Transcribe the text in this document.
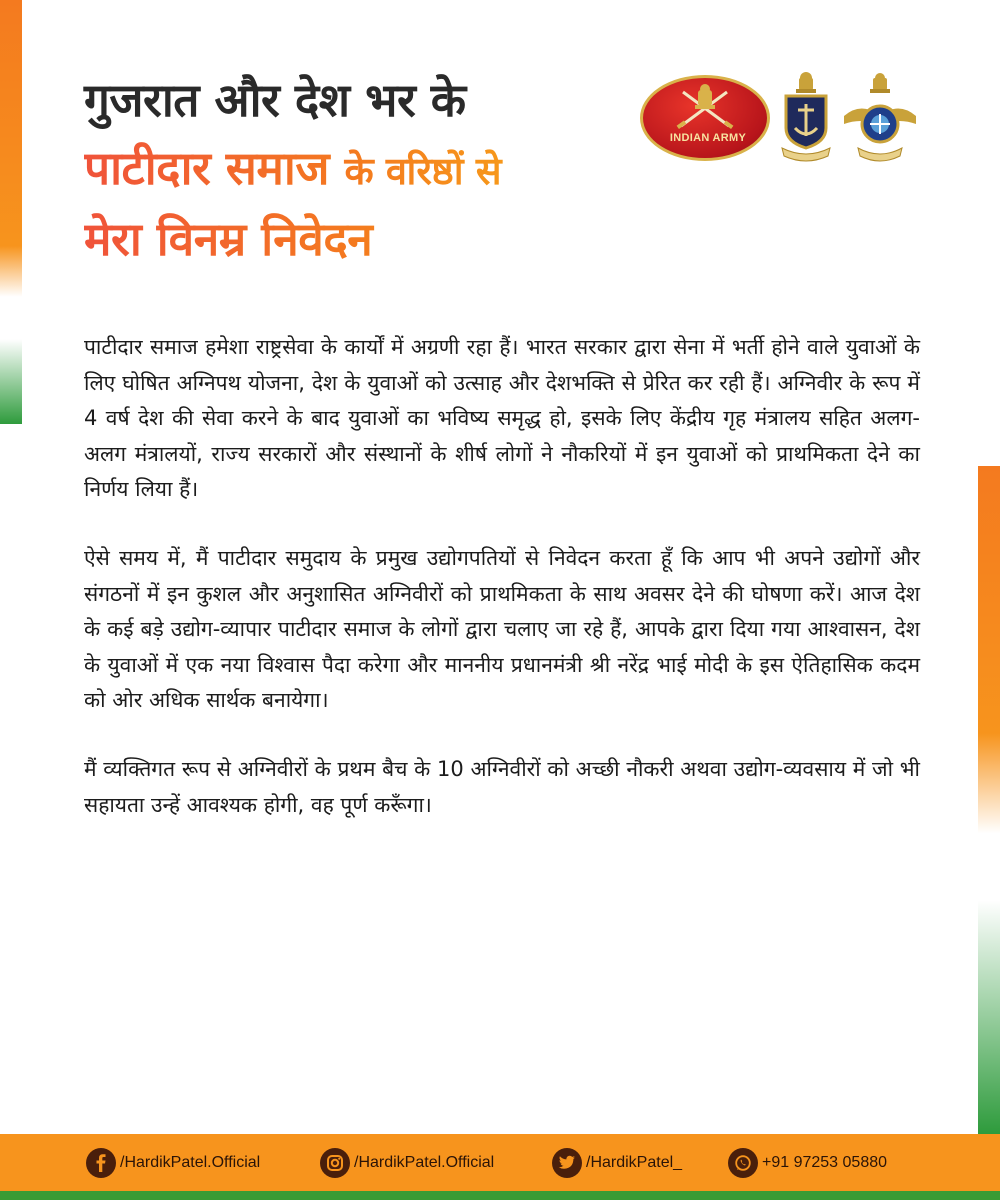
गुजरात और देश भर के
पाटीदार समाज के वरिष्ठों से
मेरा विनम्र निवेदन
INDIAN ARMY

पाटीदार समाज हमेशा राष्ट्रसेवा के कार्यों में अग्रणी रहा हैं। भारत सरकार द्वारा सेना में भर्ती होने वाले युवाओं के लिए घोषित अग्निपथ योजना, देश के युवाओं को उत्साह और देशभक्ति से प्रेरित कर रही हैं। अग्निवीर के रूप में 4 वर्ष देश की सेवा करने के बाद युवाओं का भविष्य समृद्ध हो, इसके लिए केंद्रीय गृह मंत्रालय सहित अलग-अलग मंत्रालयों, राज्य सरकारों और संस्थानों के शीर्ष लोगों ने नौकरियों में इन युवाओं को प्राथमिकता देने का निर्णय लिया हैं।

ऐसे समय में, मैं पाटीदार समुदाय के प्रमुख उद्योगपतियों से निवेदन करता हूँ कि आप भी अपने उद्योगों और संगठनों में इन कुशल और अनुशासित अग्निवीरों को प्राथमिकता के साथ अवसर देने की घोषणा करें। आज देश के कई बड़े उद्योग-व्यापार पाटीदार समाज के लोगों द्वारा चलाए जा रहे हैं, आपके द्वारा दिया गया आश्वासन, देश के युवाओं में एक नया विश्वास पैदा करेगा और माननीय प्रधानमंत्री श्री नरेंद्र भाई मोदी के इस ऐतिहासिक कदम को ओर अधिक सार्थक बनायेगा।

मैं व्यक्तिगत रूप से अग्निवीरों के प्रथम बैच के 10 अग्निवीरों को अच्छी नौकरी अथवा उद्योग-व्यवसाय में जो भी सहायता उन्हें आवश्यक होगी, वह पूर्ण करूँगा।

/HardikPatel.Official	/HardikPatel.Official	/HardikPatel_	+91 97253 05880
